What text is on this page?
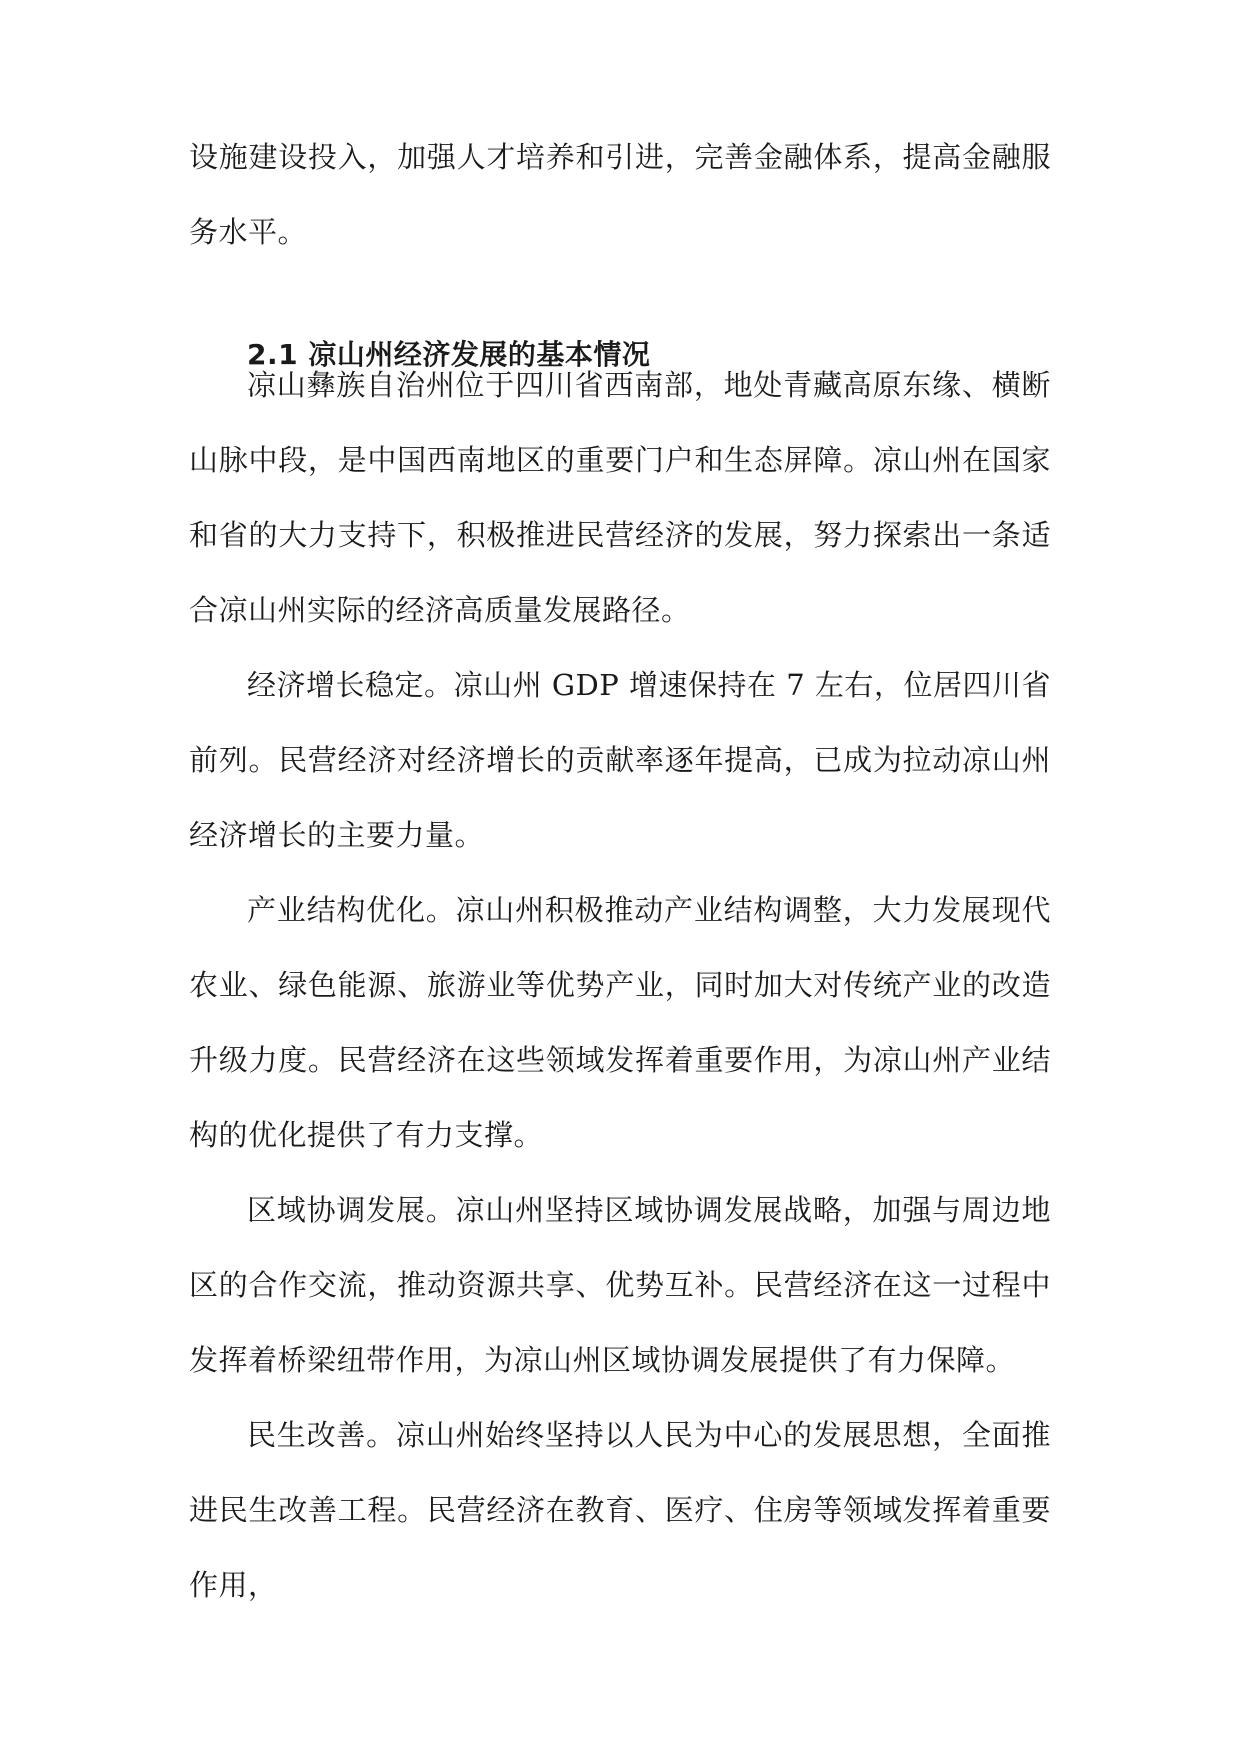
设施建设投入，加强人才培养和引进，完善金融体系，提高金融服务水平。

2.1 凉山州经济发展的基本情况

凉山彝族自治州位于四川省西南部，地处青藏高原东缘、横断山脉中段，是中国西南地区的重要门户和生态屏障。凉山州在国家和省的大力支持下，积极推进民营经济的发展，努力探索出一条适合凉山州实际的经济高质量发展路径。

经济增长稳定。凉山州 GDP 增速保持在 7 左右，位居四川省前列。民营经济对经济增长的贡献率逐年提高，已成为拉动凉山州经济增长的主要力量。

产业结构优化。凉山州积极推动产业结构调整，大力发展现代农业、绿色能源、旅游业等优势产业，同时加大对传统产业的改造升级力度。民营经济在这些领域发挥着重要作用，为凉山州产业结构的优化提供了有力支撑。

区域协调发展。凉山州坚持区域协调发展战略，加强与周边地区的合作交流，推动资源共享、优势互补。民营经济在这一过程中发挥着桥梁纽带作用，为凉山州区域协调发展提供了有力保障。

民生改善。凉山州始终坚持以人民为中心的发展思想，全面推进民生改善工程。民营经济在教育、医疗、住房等领域发挥着重要作用，
